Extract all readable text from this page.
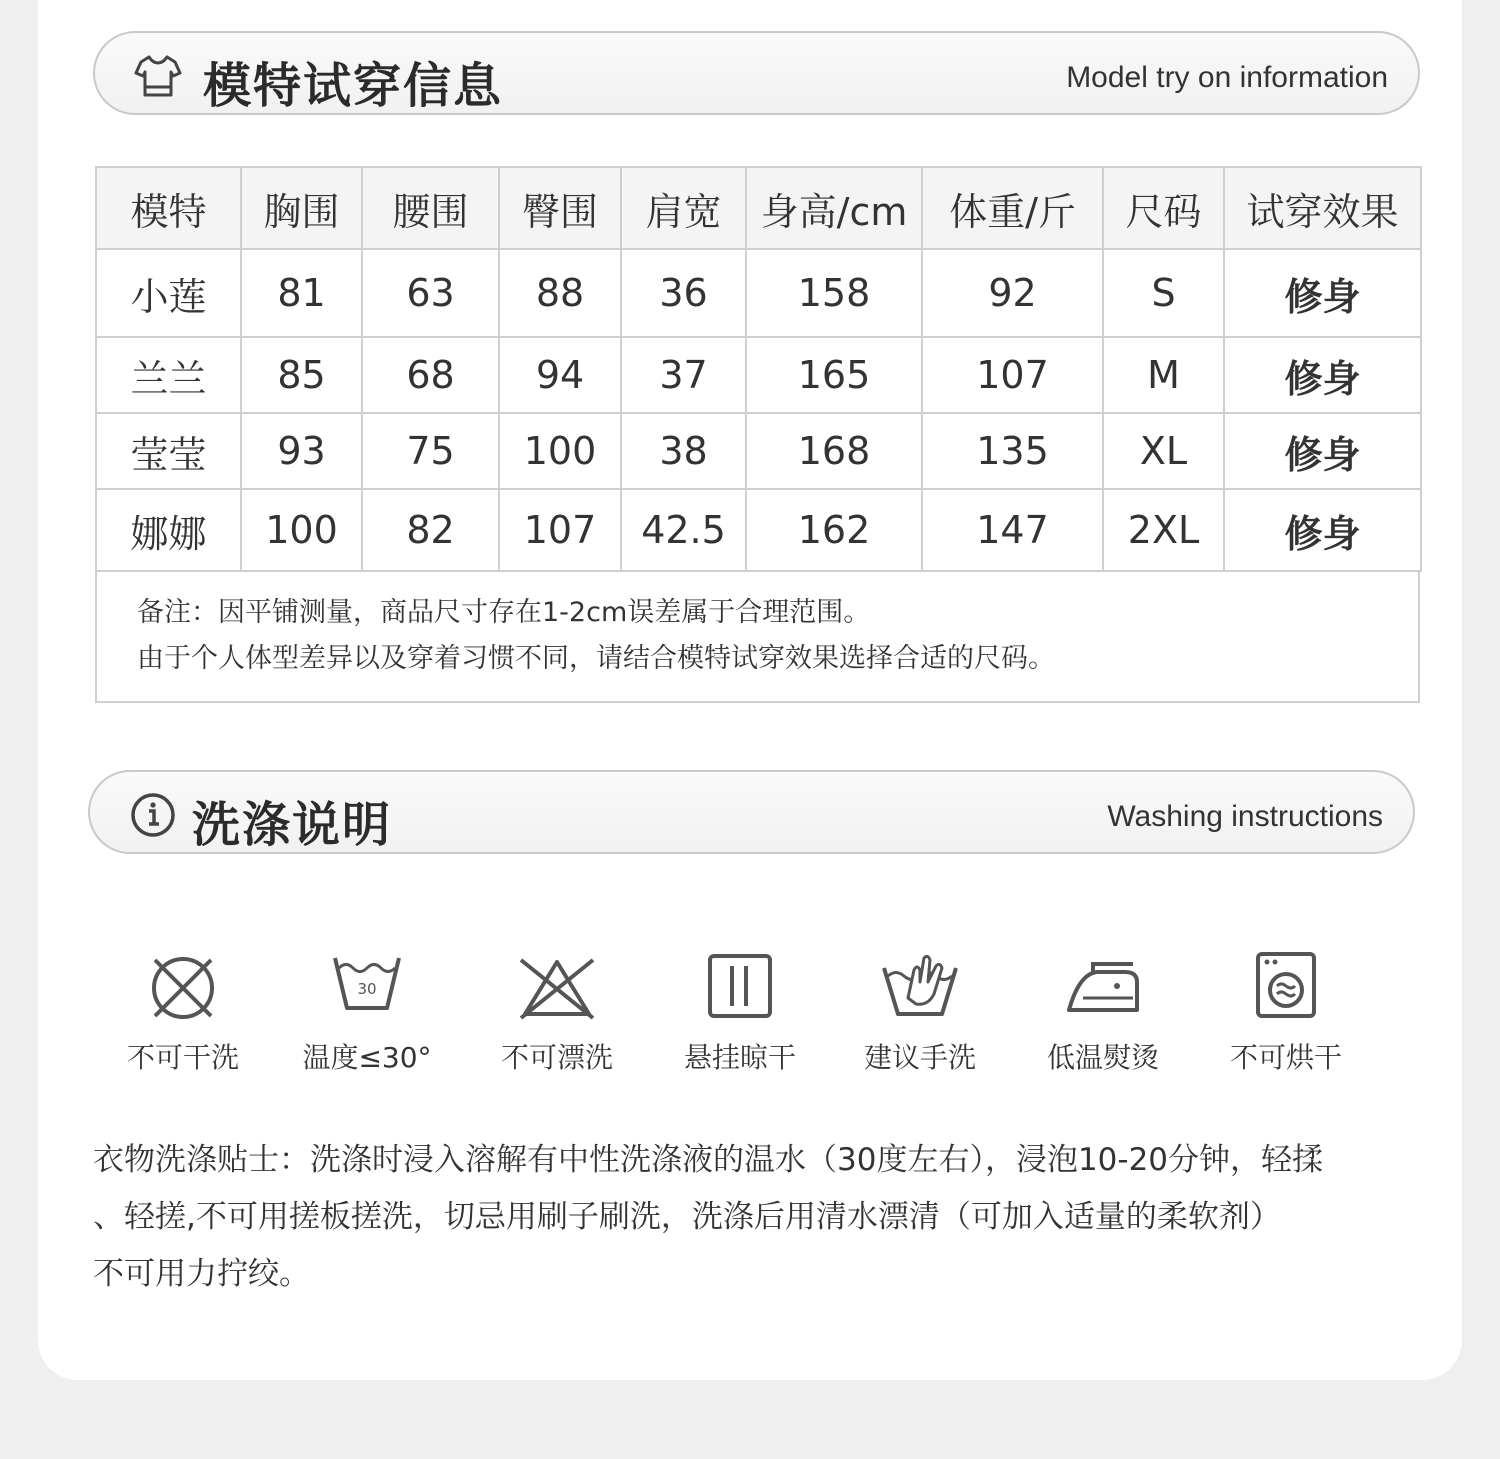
模特试穿信息	Model try on information
模特	胸围	腰围	臀围	肩宽	身高/cm	体重/斤	尺码	试穿效果
小莲	81	63	88	36	158	92	S	修身
兰兰	85	68	94	37	165	107	M	修身
莹莹	93	75	100	38	168	135	XL	修身
娜娜	100	82	107	42.5	162	147	2XL	修身
备注：因平铺测量，商品尺寸存在1-2cm误差属于合理范围。
由于个人体型差异以及穿着习惯不同，请结合模特试穿效果选择合适的尺码。
洗涤说明	Washing instructions
不可干洗
30
温度≤30°	不可漂洗	悬挂晾干	建议手洗	低温熨烫	不可烘干
衣物洗涤贴士：洗涤时浸入溶解有中性洗涤液的温水（30度左右），浸泡10-20分钟，轻揉
、轻搓,不可用搓板搓洗，切忌用刷子刷洗，洗涤后用清水漂清（可加入适量的柔软剂）
不可用力拧绞。
